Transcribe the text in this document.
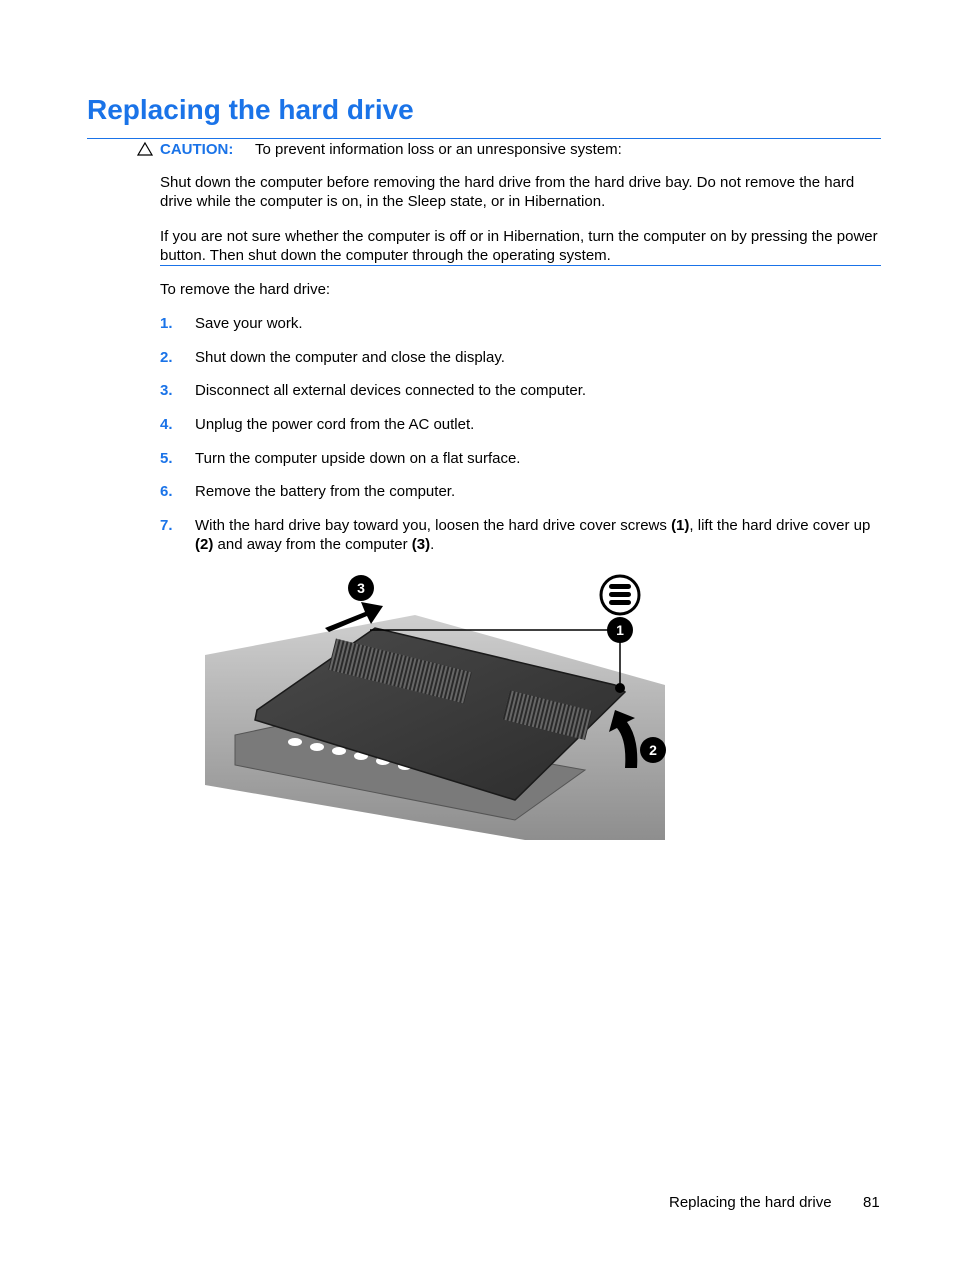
Replacing the hard drive
CAUTION: To prevent information loss or an unresponsive system:

Shut down the computer before removing the hard drive from the hard drive bay. Do not remove the hard drive while the computer is on, in the Sleep state, or in Hibernation.

If you are not sure whether the computer is off or in Hibernation, turn the computer on by pressing the power button. Then shut down the computer through the operating system.

To remove the hard drive:

1. Save your work.
2. Shut down the computer and close the display.
3. Disconnect all external devices connected to the computer.
4. Unplug the power cord from the AC outlet.
5. Turn the computer upside down on a flat surface.
6. Remove the battery from the computer.
7. With the hard drive bay toward you, loosen the hard drive cover screws (1), lift the hard drive cover up (2) and away from the computer (3).
3
1
2
Replacing the hard drive 81
